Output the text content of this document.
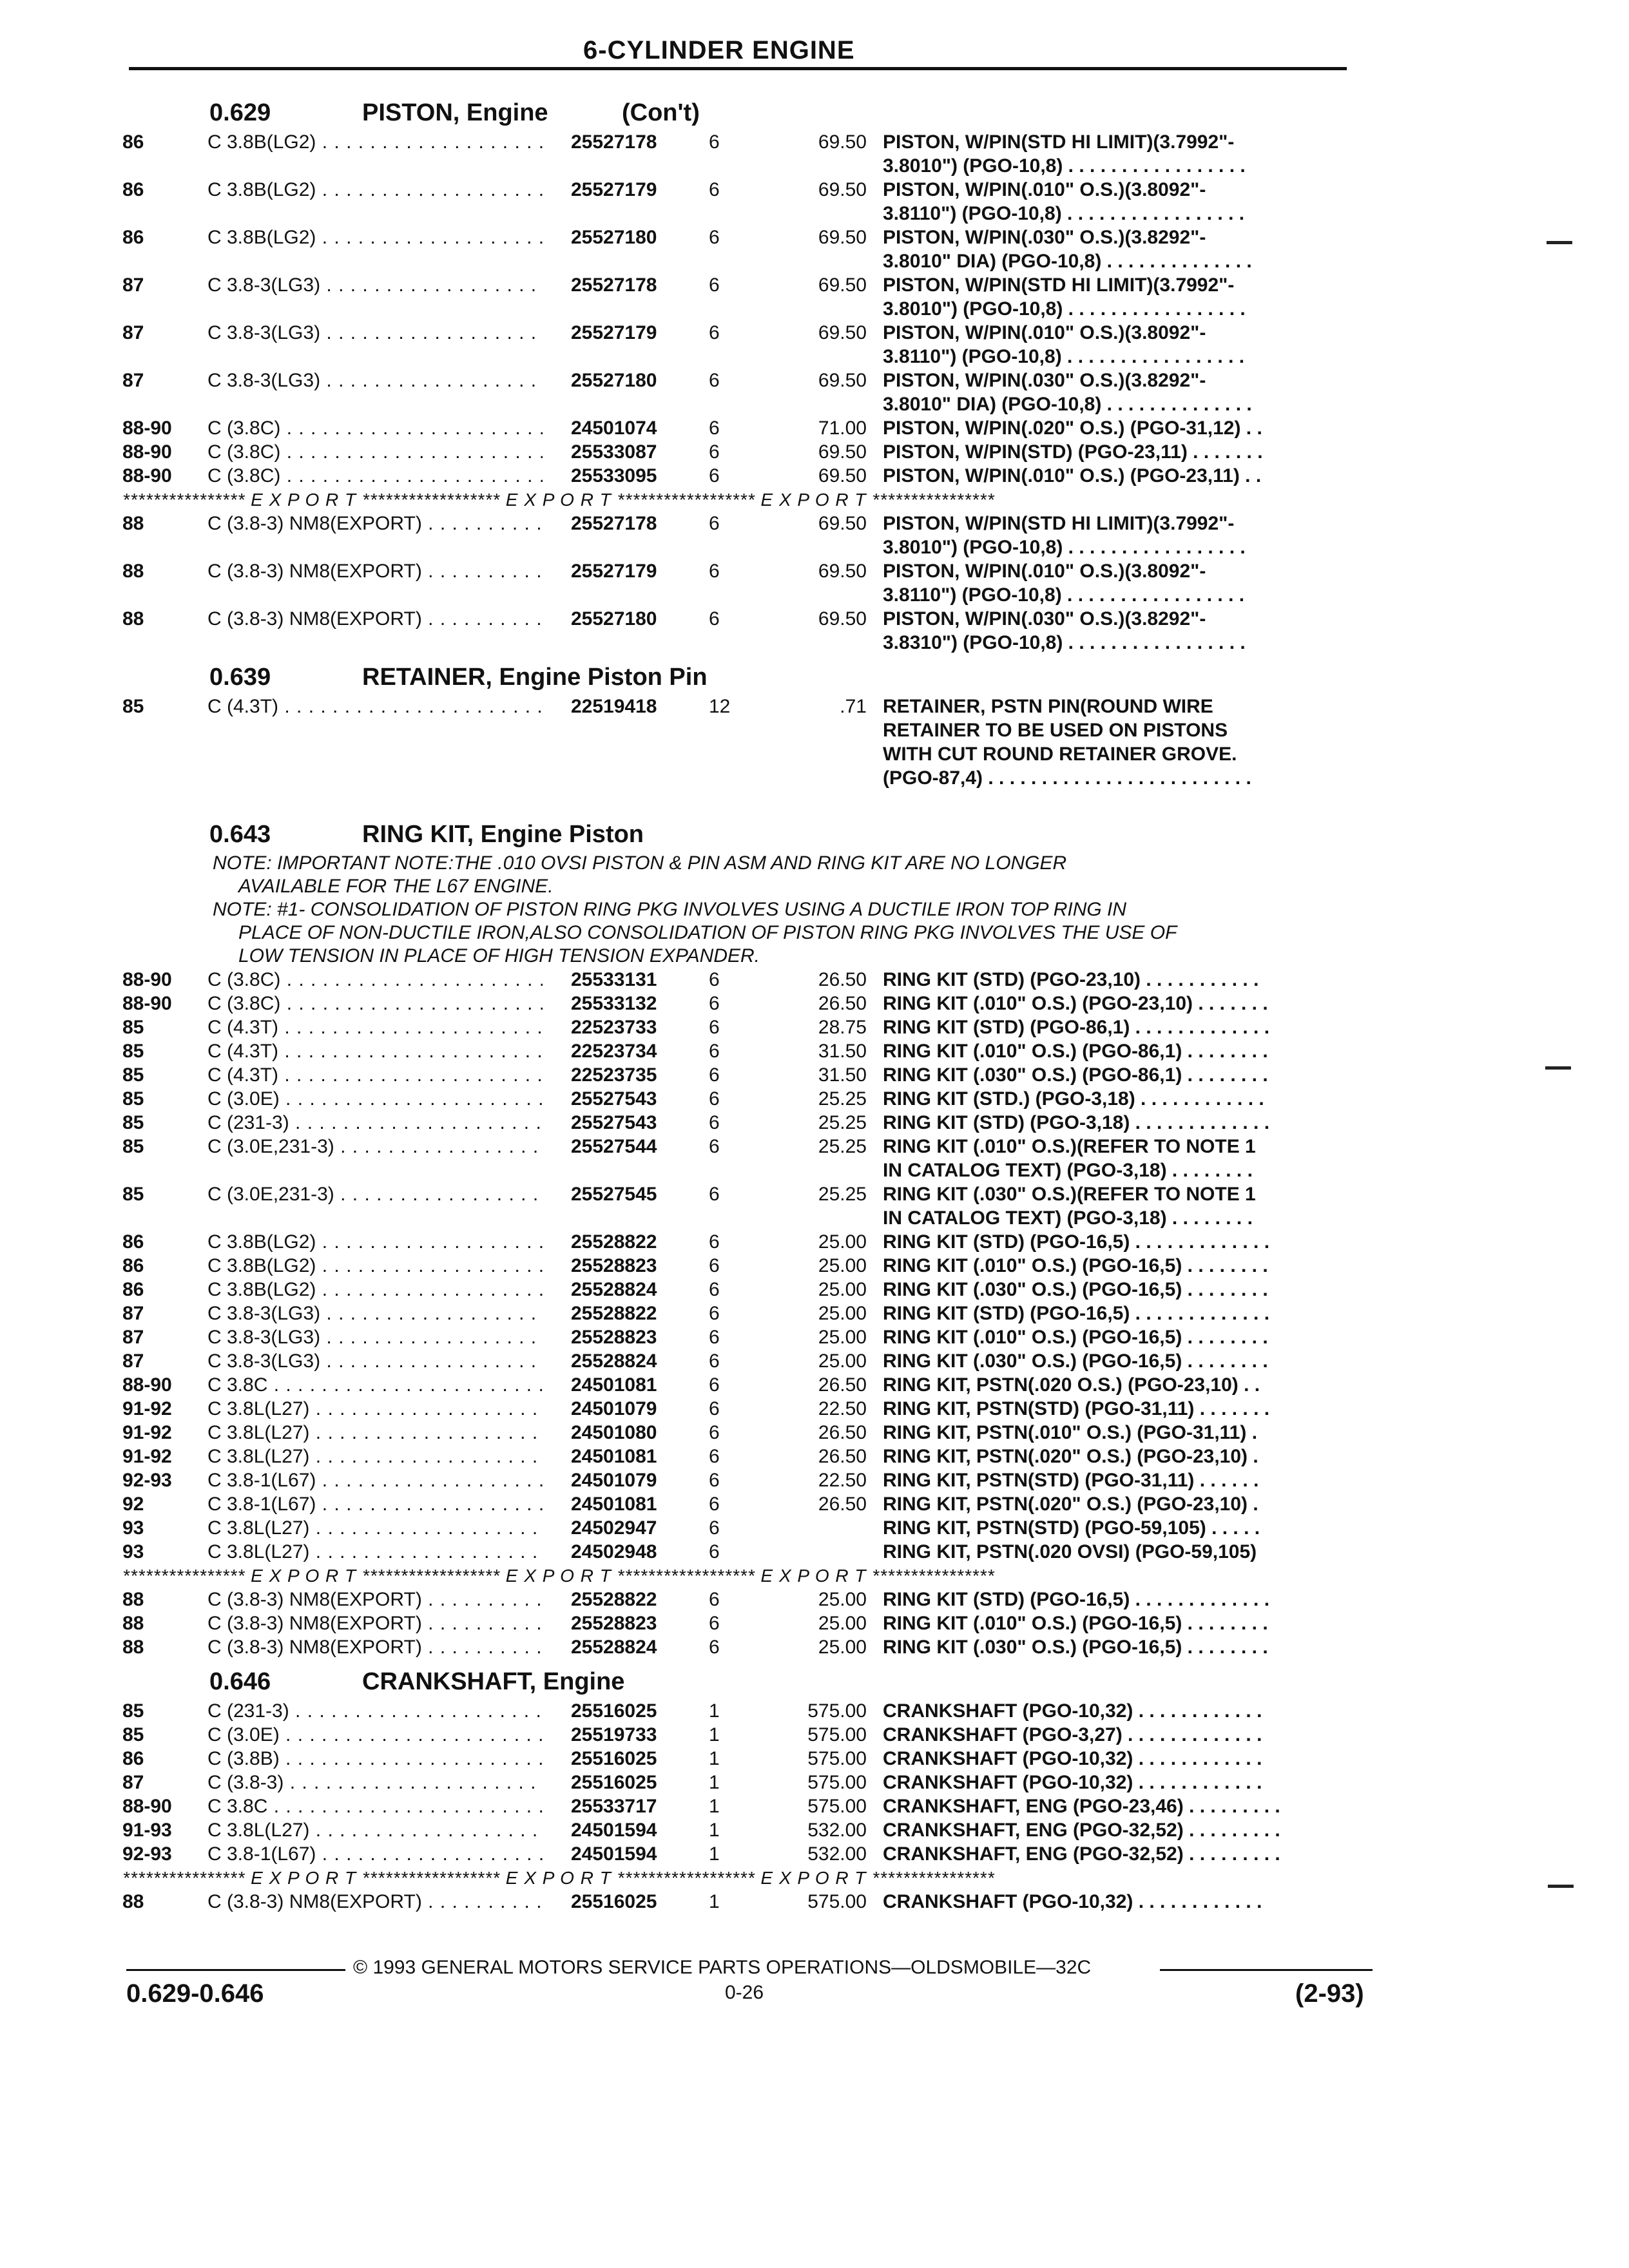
6-CYLINDER ENGINE
0.629	PISTON, Engine	(Con't)
86	C 3.8B(LG2) . . .	25527178	6	69.50 PISTON, W/PIN(STD HI LIMIT)(3.7992"-
3.8010") (PGO-10,8) . . . . . . . . . . . . . . . . .
86	C 3.8B(LG2) . . .	25527179	6	69.50 PISTON, W/PIN(.010" O.S.)(3.8092"-
3.8110") (PGO-10,8) . . . . . . . . . . . . . . . . .
86	C 3.8B(LG2) . . .	25527180	6	69.50 PISTON, W/PIN(.030" O.S.)(3.8292"-
3.8010" DIA) (PGO-10,8) . . . . . . . . . . . . . .
87	C 3.8-3(LG3) . . .	25527178	6	69.50 PISTON, W/PIN(STD HI LIMIT)(3.7992"-
3.8010") (PGO-10,8) . . . . . . . . . . . . . . . . .
87	C 3.8-3(LG3) . . .	25527179	6	69.50 PISTON, W/PIN(.010" O.S.)(3.8092"-
3.8110") (PGO-10,8) . . . . . . . . . . . . . . . . .
87	C 3.8-3(LG3) . . .	25527180	6	69.50 PISTON, W/PIN(.030" O.S.)(3.8292"-
3.8010" DIA) (PGO-10,8) . . . . . . . . . . . . . .
88-90 C (3.8C) . . .	24501074	6	71.00 PISTON, W/PIN(.020" O.S.) (PGO-31,12) . .
88-90 C (3.8C) . . .	25533087	6	69.50 PISTON, W/PIN(STD) (PGO-23,11) . . . . . . .
88-90 C (3.8C) . . .	25533095	6	69.50 PISTON, W/PIN(.010" O.S.) (PGO-23,11) . .
**************** E X P O R T ****************** E X P O R T ****************** E X P O R T ****************
88	C (3.8-3) NM8(EXPORT) . . .	25527178	6	69.50 PISTON, W/PIN(STD HI LIMIT)(3.7992"-
3.8010") (PGO-10,8) . . . . . . . . . . . . . . . . .
88	C (3.8-3) NM8(EXPORT) . . .	25527179	6	69.50 PISTON, W/PIN(.010" O.S.)(3.8092"-
3.8110") (PGO-10,8) . . . . . . . . . . . . . . . . .
88	C (3.8-3) NM8(EXPORT) . . .	25527180	6	69.50 PISTON, W/PIN(.030" O.S.)(3.8292"-
3.8310") (PGO-10,8) . . . . . . . . . . . . . . . . .
0.639	RETAINER, Engine Piston Pin
85	C (4.3T) . . .	22519418	12	.71 RETAINER, PSTN PIN(ROUND WIRE
RETAINER TO BE USED ON PISTONS
WITH CUT ROUND RETAINER GROVE.
(PGO-87,4) . . . . . . . . . . . . . . . . . . . . . . . . .
0.643	RING KIT, Engine Piston
NOTE: IMPORTANT NOTE:THE .010 OVSI PISTON & PIN ASM AND RING KIT ARE NO LONGER
AVAILABLE FOR THE L67 ENGINE.
NOTE: #1- CONSOLIDATION OF PISTON RING PKG INVOLVES USING A DUCTILE IRON TOP RING IN
PLACE OF NON-DUCTILE IRON,ALSO CONSOLIDATION OF PISTON RING PKG INVOLVES THE USE OF
LOW TENSION IN PLACE OF HIGH TENSION EXPANDER.
88-90 C (3.8C) . . .	25533131	6	26.50 RING KIT (STD) (PGO-23,10) . . . . . . . . . . .
88-90 C (3.8C) . . .	25533132	6	26.50 RING KIT (.010" O.S.) (PGO-23,10) . . . . . . .
85	C (4.3T) . . .	22523733	6	28.75 RING KIT (STD) (PGO-86,1) . . . . . . . . . . . . .
85	C (4.3T) . . .	22523734	6	31.50 RING KIT (.010" O.S.) (PGO-86,1) . . . . . . . .
85	C (4.3T) . . .	22523735	6	31.50 RING KIT (.030" O.S.) (PGO-86,1) . . . . . . . .
85	C (3.0E) . . .	25527543	6	25.25 RING KIT (STD.) (PGO-3,18) . . . . . . . . . . . .
85	C (231-3) . . .	25527543	6	25.25 RING KIT (STD) (PGO-3,18) . . . . . . . . . . . . .
85	C (3.0E,231-3) . . .	25527544	6	25.25 RING KIT (.010" O.S.)(REFER TO NOTE 1
IN CATALOG TEXT) (PGO-3,18) . . . . . . . .
85	C (3.0E,231-3) . . .	25527545	6	25.25 RING KIT (.030" O.S.)(REFER TO NOTE 1
IN CATALOG TEXT) (PGO-3,18) . . . . . . . .
86	C 3.8B(LG2) . . .	25528822	6	25.00 RING KIT (STD) (PGO-16,5) . . . . . . . . . . . . .
86	C 3.8B(LG2) . . .	25528823	6	25.00 RING KIT (.010" O.S.) (PGO-16,5) . . . . . . . .
86	C 3.8B(LG2) . . .	25528824	6	25.00 RING KIT (.030" O.S.) (PGO-16,5) . . . . . . . .
87	C 3.8-3(LG3) . . .	25528822	6	25.00 RING KIT (STD) (PGO-16,5) . . . . . . . . . . . . .
87	C 3.8-3(LG3) . . .	25528823	6	25.00 RING KIT (.010" O.S.) (PGO-16,5) . . . . . . . .
87	C 3.8-3(LG3) . . .	25528824	6	25.00 RING KIT (.030" O.S.) (PGO-16,5) . . . . . . . .
88-90 C 3.8C . . .	24501081	6	26.50 RING KIT, PSTN(.020 O.S.) (PGO-23,10) . .
91-92 C 3.8L(L27) . . .	24501079	6	22.50 RING KIT, PSTN(STD) (PGO-31,11) . . . . . . .
91-92 C 3.8L(L27) . . .	24501080	6	26.50 RING KIT, PSTN(.010" O.S.) (PGO-31,11) .
91-92 C 3.8L(L27) . . .	24501081	6	26.50 RING KIT, PSTN(.020" O.S.) (PGO-23,10) .
92-93 C 3.8-1(L67) . . .	24501079	6	22.50 RING KIT, PSTN(STD) (PGO-31,11) . . . . . .
92	C 3.8-1(L67) . . .	24501081	6	26.50 RING KIT, PSTN(.020" O.S.) (PGO-23,10) .
93	C 3.8L(L27) . . .	24502947	6	RING KIT, PSTN(STD) (PGO-59,105) . . . . .
93	C 3.8L(L27) . . .	24502948	6	RING KIT, PSTN(.020 OVSI) (PGO-59,105)
**************** E X P O R T ****************** E X P O R T ****************** E X P O R T ****************
88	C (3.8-3) NM8(EXPORT) . . .	25528822	6	25.00 RING KIT (STD) (PGO-16,5) . . . . . . . . . . . . .
88	C (3.8-3) NM8(EXPORT) . . .	25528823	6	25.00 RING KIT (.010" O.S.) (PGO-16,5) . . . . . . . .
88	C (3.8-3) NM8(EXPORT) . . .	25528824	6	25.00 RING KIT (.030" O.S.) (PGO-16,5) . . . . . . . .
0.646	CRANKSHAFT, Engine
85	C (231-3) . . .	25516025	1	575.00 CRANKSHAFT (PGO-10,32) . . . . . . . . . . . .
85	C (3.0E) . . .	25519733	1	575.00 CRANKSHAFT (PGO-3,27) . . . . . . . . . . . . .
86	C (3.8B) . . .	25516025	1	575.00 CRANKSHAFT (PGO-10,32) . . . . . . . . . . . .
87	C (3.8-3) . . .	25516025	1	575.00 CRANKSHAFT (PGO-10,32) . . . . . . . . . . . .
88-90 C 3.8C . . .	25533717	1	575.00 CRANKSHAFT, ENG (PGO-23,46) . . . . . . . . .
91-93 C 3.8L(L27) . . .	24501594	1	532.00 CRANKSHAFT, ENG (PGO-32,52) . . . . . . . . .
92-93 C 3.8-1(L67) . . .	24501594	1	532.00 CRANKSHAFT, ENG (PGO-32,52) . . . . . . . . .
**************** E X P O R T ****************** E X P O R T ****************** E X P O R T ****************
88	C (3.8-3) NM8(EXPORT) . . .	25516025	1	575.00 CRANKSHAFT (PGO-10,32) . . . . . . . . . . . .
© 1993 GENERAL MOTORS SERVICE PARTS OPERATIONS—OLDSMOBILE—32C
0.629-0.646	0-26	(2-93)
